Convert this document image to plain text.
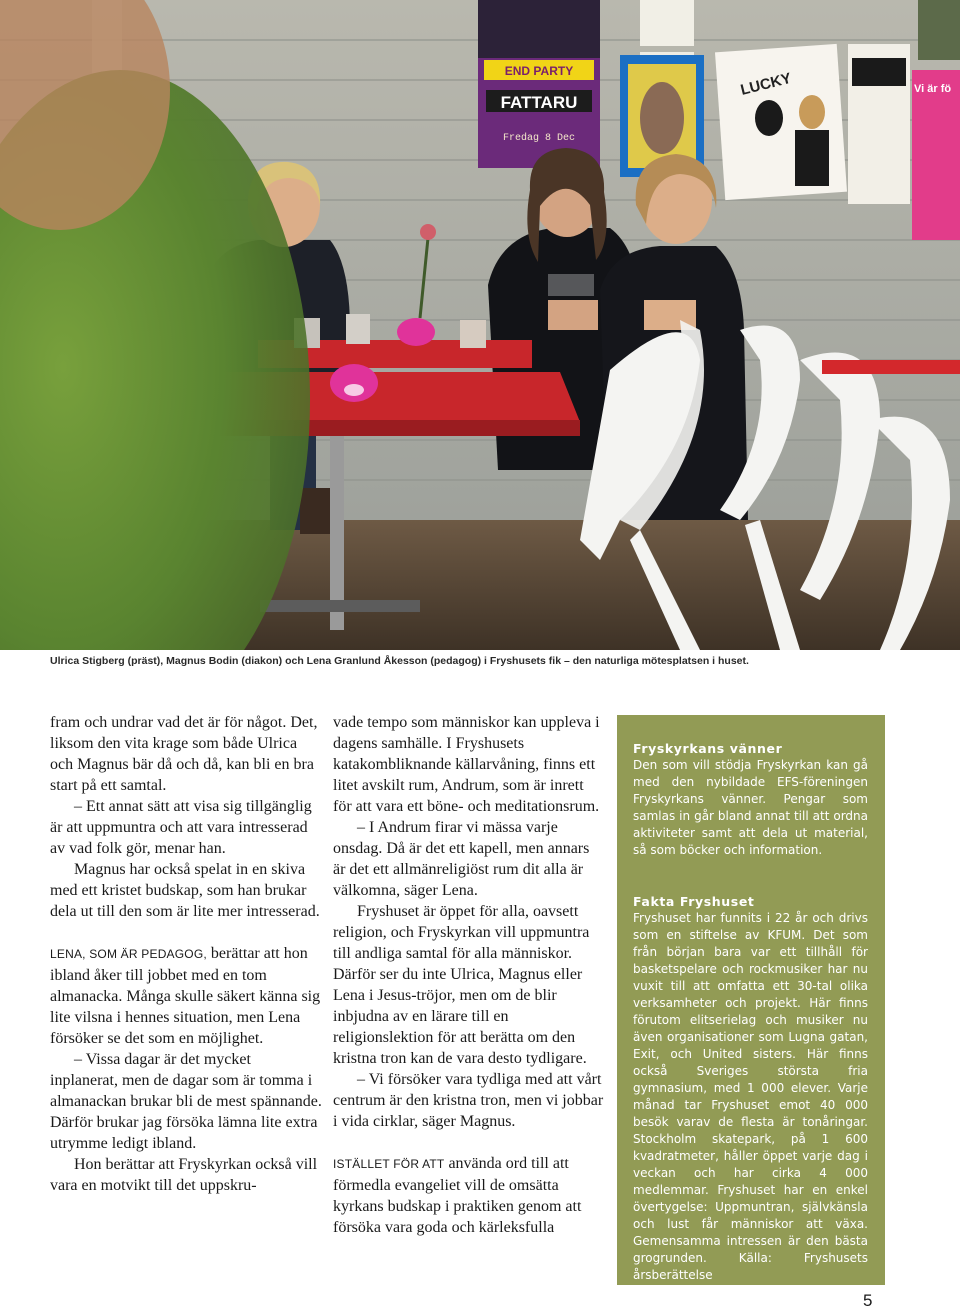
END PARTY
FATTARU
Fredag 8 Dec
LUCKY	Vi är fö
Ulrica Stigberg (präst), Magnus Bodin (diakon) och Lena Granlund Åkesson (pedagog) i Fryshusets fik – den naturliga mötesplatsen i huset.

fram och undrar vad det är för något. Det, liksom den vita krage som både Ulrica och Magnus bär då och då, kan bli en bra start på ett samtal.

– Ett annat sätt att visa sig tillgänglig är att uppmuntra och att vara intresserad av vad folk gör, menar han.

Magnus har också spelat in en skiva med ett kristet budskap, som han brukar dela ut till den som är lite mer intresserad.

LENA, SOM ÄR PEDAGOG, berättar att hon ibland åker till jobbet med en tom almanacka. Många skulle säkert känna sig lite vilsna i hennes situation, men Lena försöker se det som en möjlighet.

– Vissa dagar är det mycket inplanerat, men de dagar som är tomma i almanackan brukar bli de mest spännande. Därför brukar jag försöka lämna lite extra utrymme ledigt ibland.

Hon berättar att Fryskyrkan också vill vara en motvikt till det uppskru-

vade tempo som människor kan uppleva i dagens samhälle. I Fryshusets katakombliknande källarvåning, finns ett litet avskilt rum, Andrum, som är inrett för att vara ett böne- och meditationsrum.

– I Andrum firar vi mässa varje onsdag. Då är det ett kapell, men annars är det ett allmänreligiöst rum dit alla är välkomna, säger Lena.

Fryshuset är öppet för alla, oavsett religion, och Fryskyrkan vill uppmuntra till andliga samtal för alla människor. Därför ser du inte Ulrica, Magnus eller Lena i Jesus-tröjor, men om de blir inbjudna av en lärare till en religionslektion för att berätta om den kristna tron kan de vara desto tydligare.

– Vi försöker vara tydliga med att vårt centrum är den kristna tron, men vi jobbar i vida cirklar, säger Magnus.

ISTÄLLET FÖR ATT använda ord till att förmedla evangeliet vill de omsätta kyrkans budskap i praktiken genom att försöka vara goda och kärleksfulla

Fryskyrkans vänner

Den som vill stödja Fryskyrkan kan gå med den nybildade EFS-föreningen Fryskyrkans vänner. Pengar som samlas in går bland annat till att ordna aktiviteter samt att dela ut material, så som böcker och information.

Fakta Fryshuset

Fryshuset har funnits i 22 år och drivs som en stiftelse av KFUM. Det som från början bara var ett tillhåll för basketspelare och rockmusiker har nu vuxit till att omfatta ett 30-tal olika verksamheter och projekt. Här finns förutom elitserielag och musiker nu även organisationer som Lugna gatan, Exit, och United sisters. Här finns också Sveriges största fria gymnasium, med 1 000 elever. Varje månad tar Fryshuset emot 40 000 besök varav de flesta är tonåringar. Stockholm skatepark, på 1 600 kvadratmeter, håller öppet varje dag i veckan och har cirka 4 000 medlemmar. Fryshuset har en enkel övertygelse: Uppmuntran, självkänsla och lust får människor att växa. Gemensamma intressen är den bästa grogrunden. Källa: Fryshusets årsberättelse

5
